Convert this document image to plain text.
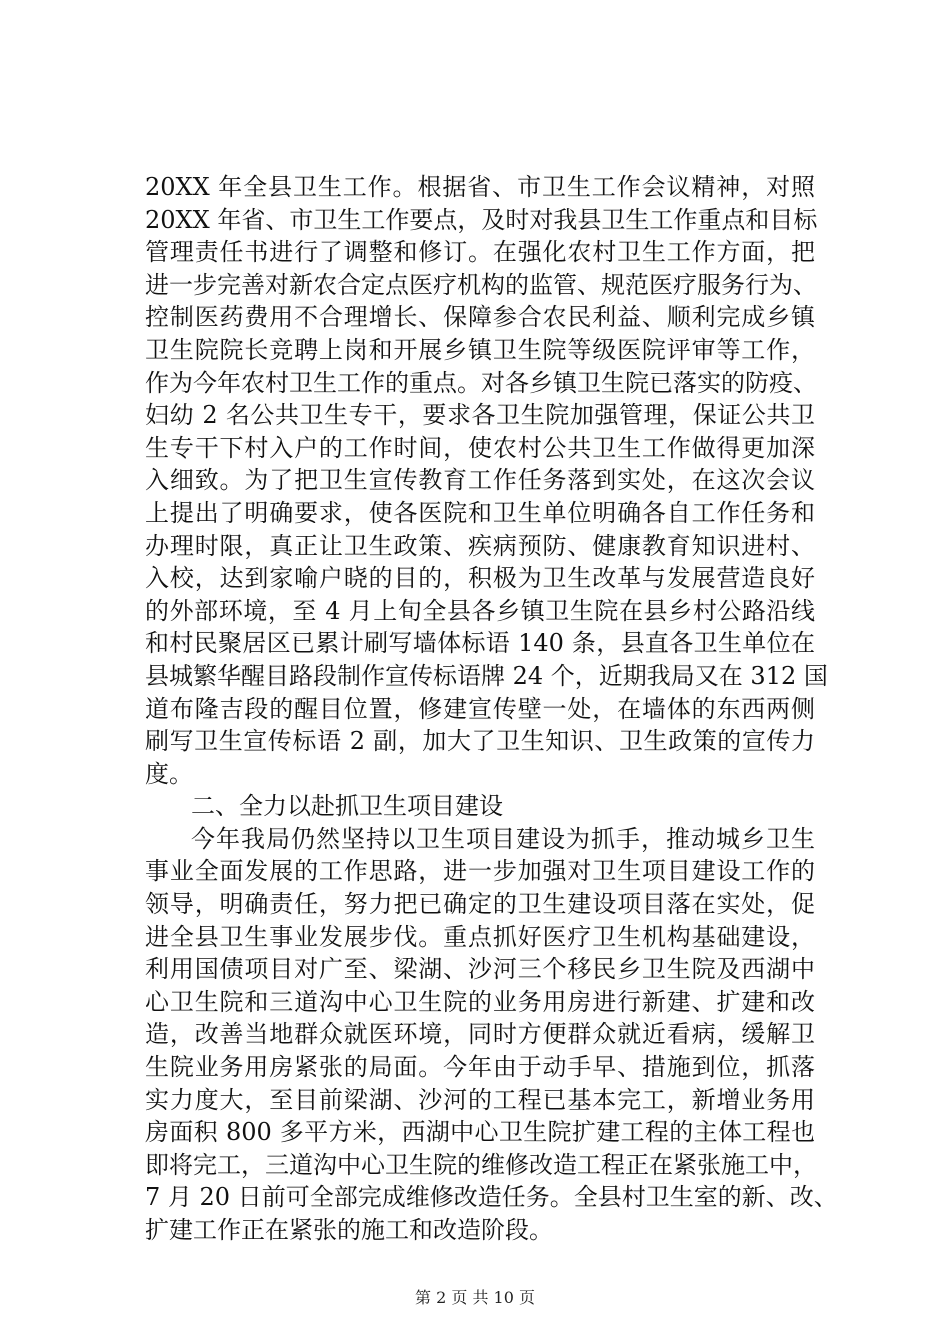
20XX 年全县卫生工作。根据省、市卫生工作会议精神，对照
20XX 年省、市卫生工作要点，及时对我县卫生工作重点和目标
管理责任书进行了调整和修订。在强化农村卫生工作方面，把
进一步完善对新农合定点医疗机构的监管、规范医疗服务行为、
控制医药费用不合理增长、保障参合农民利益、顺利完成乡镇
卫生院院长竞聘上岗和开展乡镇卫生院等级医院评审等工作，
作为今年农村卫生工作的重点。对各乡镇卫生院已落实的防疫、
妇幼 2 名公共卫生专干，要求各卫生院加强管理，保证公共卫
生专干下村入户的工作时间，使农村公共卫生工作做得更加深
入细致。为了把卫生宣传教育工作任务落到实处，在这次会议
上提出了明确要求，使各医院和卫生单位明确各自工作任务和
办理时限，真正让卫生政策、疾病预防、健康教育知识进村、
入校，达到家喻户晓的目的，积极为卫生改革与发展营造良好
的外部环境，至 4 月上旬全县各乡镇卫生院在县乡村公路沿线
和村民聚居区已累计刷写墙体标语 140 条，县直各卫生单位在
县城繁华醒目路段制作宣传标语牌 24 个，近期我局又在 312 国
道布隆吉段的醒目位置，修建宣传壁一处，在墙体的东西两侧
刷写卫生宣传标语 2 副，加大了卫生知识、卫生政策的宣传力
度。
二、全力以赴抓卫生项目建设
今年我局仍然坚持以卫生项目建设为抓手，推动城乡卫生
事业全面发展的工作思路，进一步加强对卫生项目建设工作的
领导，明确责任，努力把已确定的卫生建设项目落在实处，促
进全县卫生事业发展步伐。重点抓好医疗卫生机构基础建设，
利用国债项目对广至、梁湖、沙河三个移民乡卫生院及西湖中
心卫生院和三道沟中心卫生院的业务用房进行新建、扩建和改
造，改善当地群众就医环境，同时方便群众就近看病，缓解卫
生院业务用房紧张的局面。今年由于动手早、措施到位，抓落
实力度大，至目前梁湖、沙河的工程已基本完工，新增业务用
房面积 800 多平方米，西湖中心卫生院扩建工程的主体工程也
即将完工，三道沟中心卫生院的维修改造工程正在紧张施工中，
7 月 20 日前可全部完成维修改造任务。全县村卫生室的新、改、
扩建工作正在紧张的施工和改造阶段。
第 2 页 共 10 页
